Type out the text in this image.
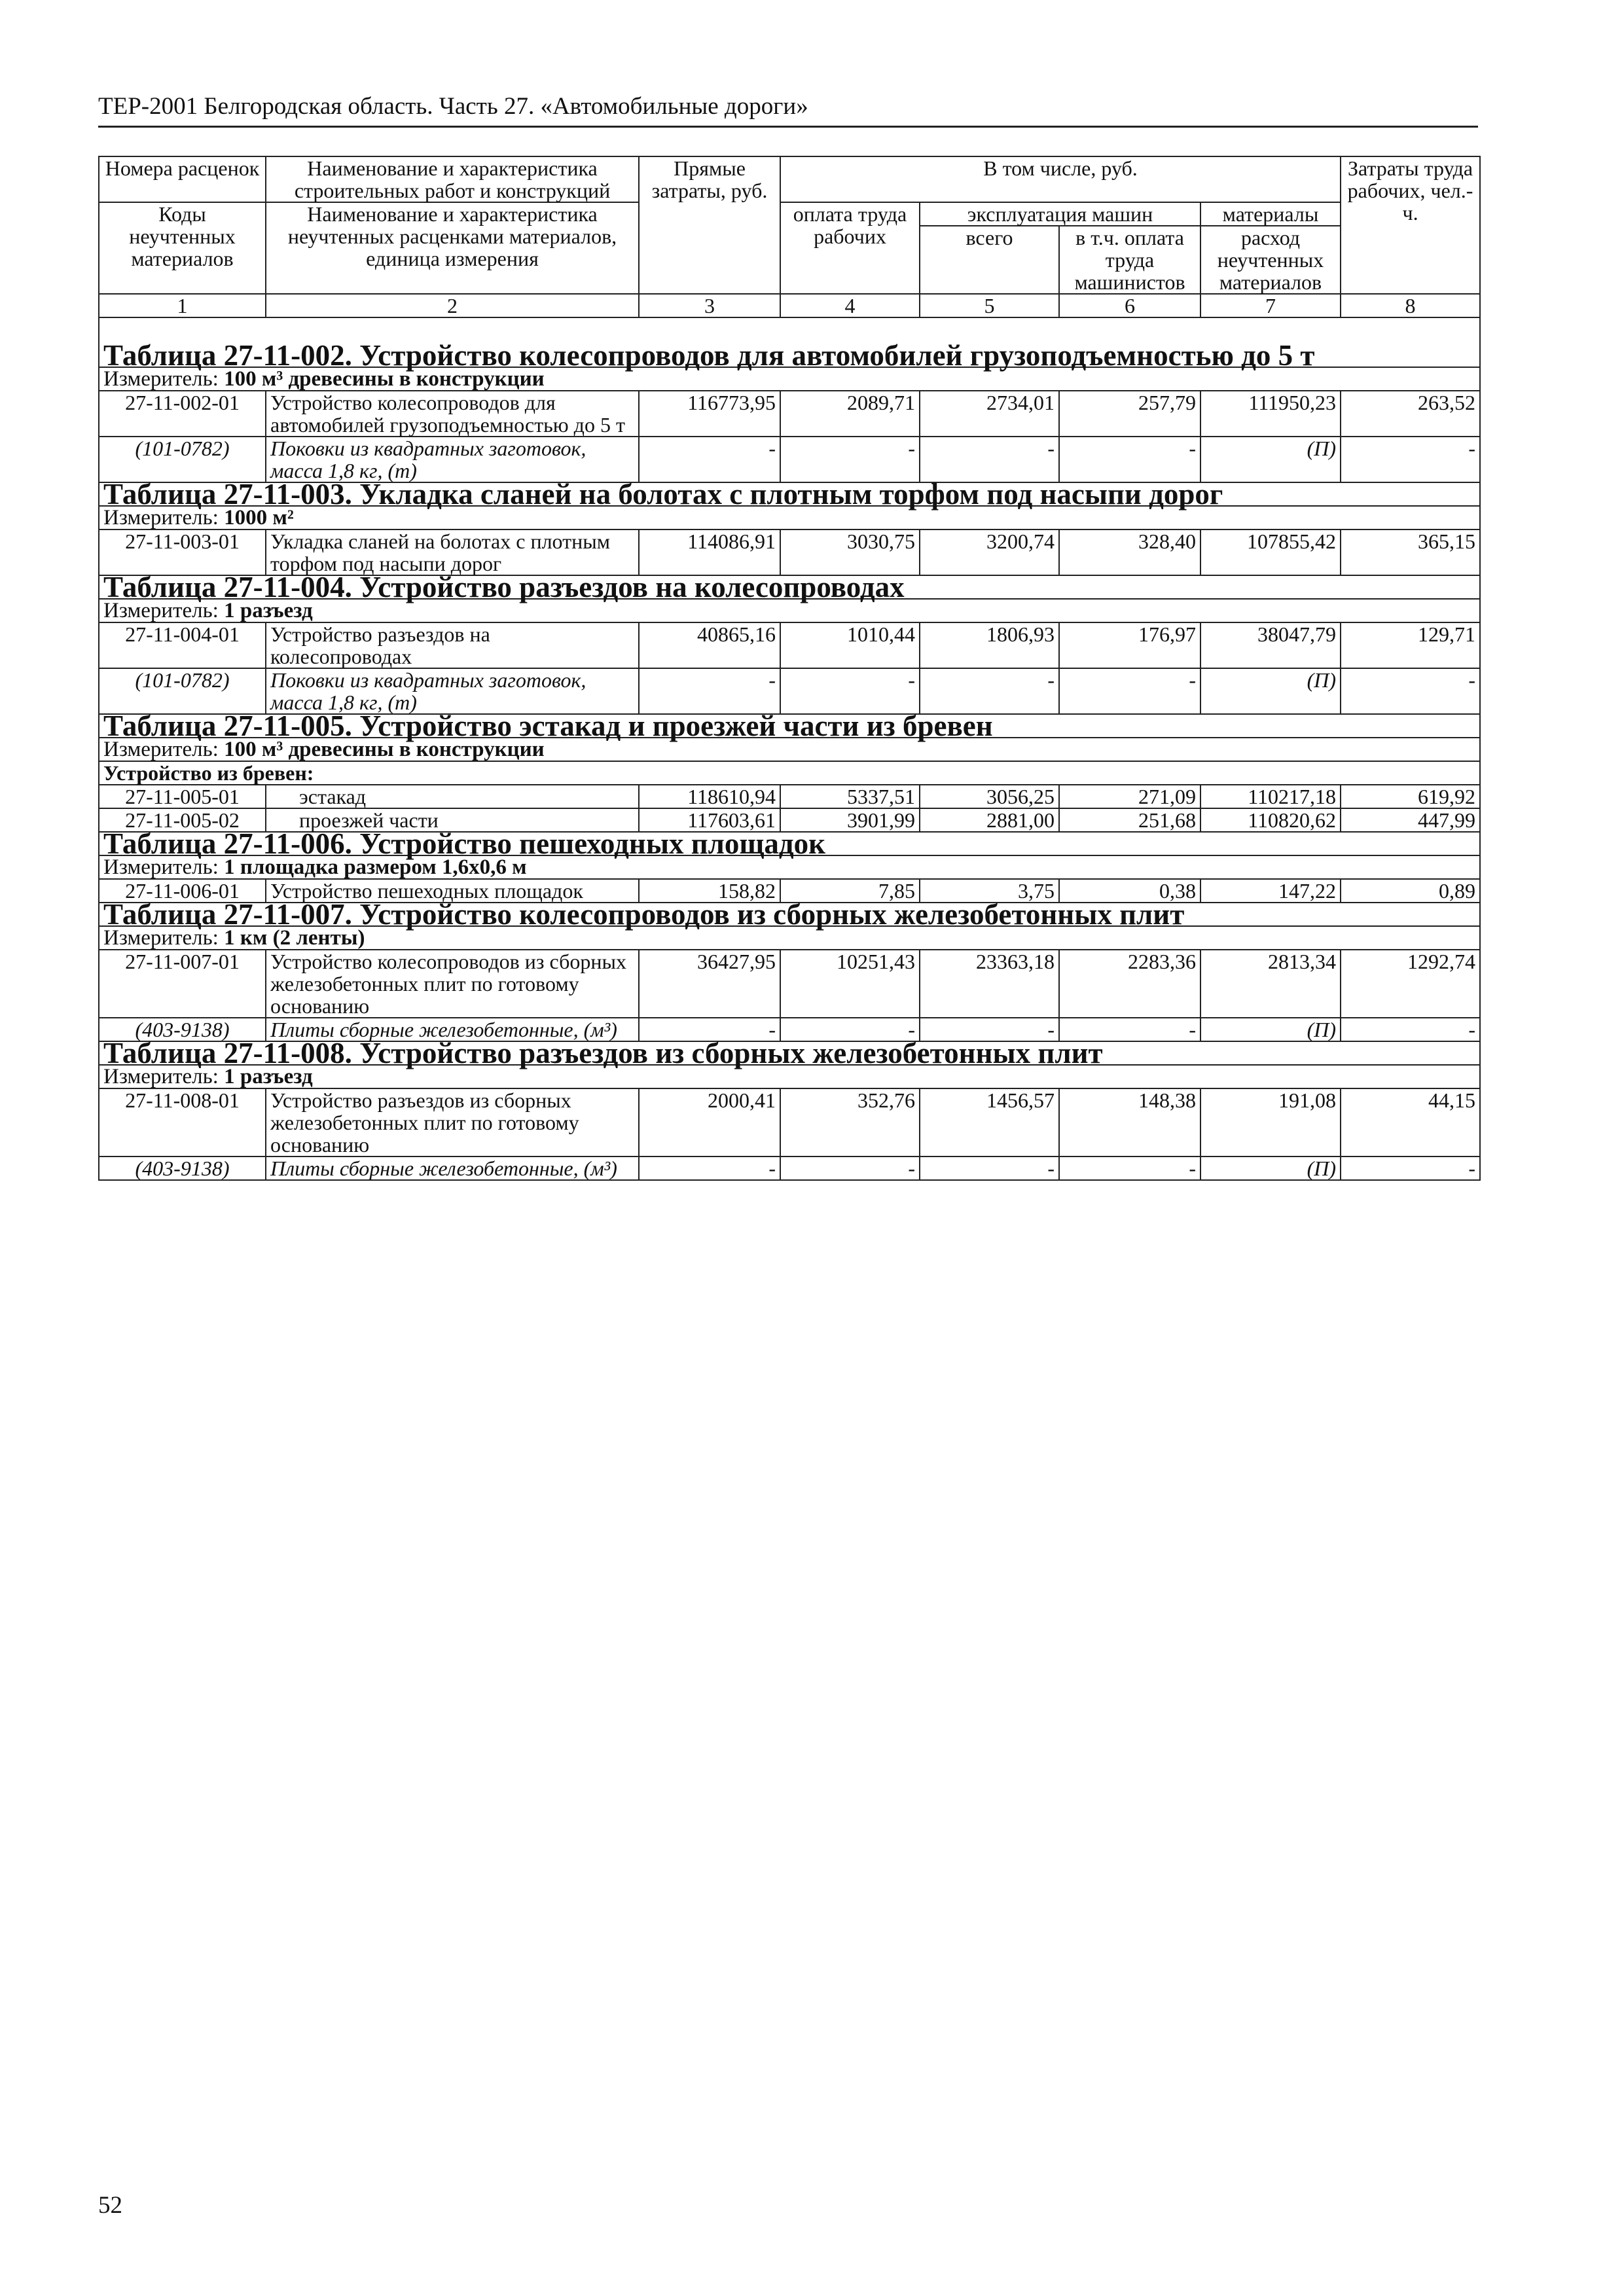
ТЕР-2001 Белгородская область. Часть 27. «Автомобильные дороги»
Номера расценок	Наименование и характеристика строительных работ и конструкций	Прямые затраты, руб.	В том числе, руб.				Затраты труда рабочих, чел.-ч.
Коды неучтенных материалов	Наименование и характеристика неучтенных расценками материалов, единица измерения		оплата труда рабочих	эксплуатация машин		материалы	
				всего	в т.ч. оплата труда машинистов	расход неучтенных материалов	
1	2	3	4	5	6	7	8
Таблица 27-11-002. Устройство колесопроводов для автомобилей грузоподъемностью до 5 т							
Измеритель: 100 м³ древесины в конструкции							
27-11-002-01	Устройство колесопроводов для автомобилей грузоподъемностью до 5 т	116773,95	2089,71	2734,01	257,79	111950,23	263,52
(101-0782)	Поковки из квадратных заготовок, масса 1,8 кг, (т)	-	-	-	-	(П)	-
Таблица 27-11-003. Укладка сланей на болотах с плотным торфом под насыпи дорог							
Измеритель: 1000 м²							
27-11-003-01	Укладка сланей на болотах с плотным торфом под насыпи дорог	114086,91	3030,75	3200,74	328,40	107855,42	365,15
Таблица 27-11-004. Устройство разъездов на колесопроводах							
Измеритель: 1 разъезд							
27-11-004-01	Устройство разъездов на колесопроводах	40865,16	1010,44	1806,93	176,97	38047,79	129,71
(101-0782)	Поковки из квадратных заготовок, масса 1,8 кг, (т)	-	-	-	-	(П)	-
Таблица 27-11-005. Устройство эстакад и проезжей части из бревен							
Измеритель: 100 м³ древесины в конструкции							
Устройство из бревен:							
27-11-005-01	эстакад	118610,94	5337,51	3056,25	271,09	110217,18	619,92
27-11-005-02	проезжей части	117603,61	3901,99	2881,00	251,68	110820,62	447,99
Таблица 27-11-006. Устройство пешеходных площадок							
Измеритель: 1 площадка размером 1,6х0,6 м							
27-11-006-01	Устройство пешеходных площадок	158,82	7,85	3,75	0,38	147,22	0,89
Таблица 27-11-007. Устройство колесопроводов из сборных железобетонных плит							
Измеритель: 1 км (2 ленты)							
27-11-007-01	Устройство колесопроводов из сборных железобетонных плит по готовому основанию	36427,95	10251,43	23363,18	2283,36	2813,34	1292,74
(403-9138)	Плиты сборные железобетонные, (м³)	-	-	-	-	(П)	-
Таблица 27-11-008. Устройство разъездов из сборных железобетонных плит							
Измеритель: 1 разъезд							
27-11-008-01	Устройство разъездов из сборных железобетонных плит по готовому основанию	2000,41	352,76	1456,57	148,38	191,08	44,15
(403-9138)	Плиты сборные железобетонные, (м³)	-	-	-	-	(П)	-
52
